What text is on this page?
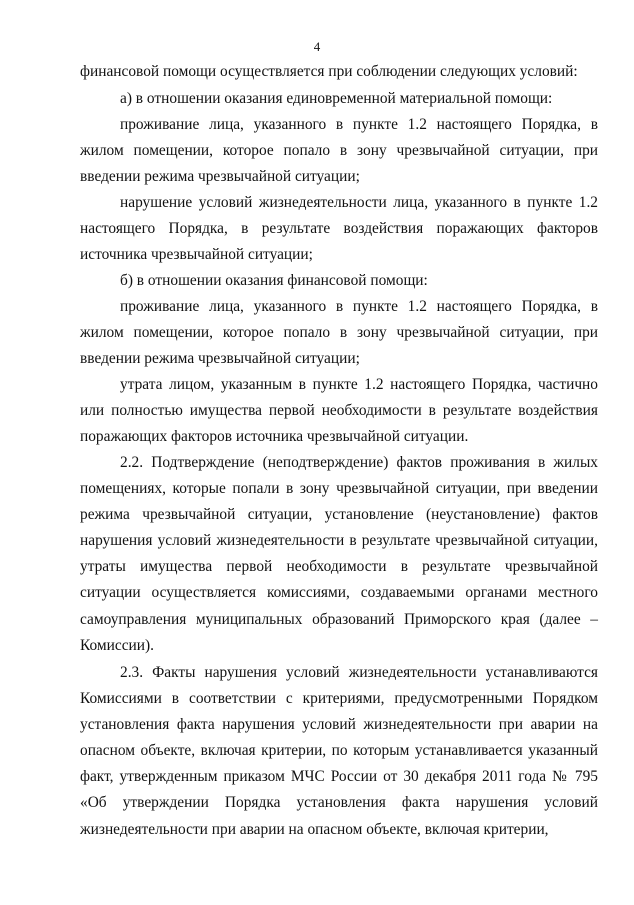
4

финансовой помощи осуществляется при соблюдении следующих условий:

а) в отношении оказания единовременной материальной помощи:

проживание лица, указанного в пункте 1.2 настоящего Порядка, в жилом помещении, которое попало в зону чрезвычайной ситуации, при введении режима чрезвычайной ситуации;

нарушение условий жизнедеятельности лица, указанного в пункте 1.2 настоящего Порядка, в результате воздействия поражающих факторов источника чрезвычайной ситуации;

б) в отношении оказания финансовой помощи:

проживание лица, указанного в пункте 1.2 настоящего Порядка, в жилом помещении, которое попало в зону чрезвычайной ситуации, при введении режима чрезвычайной ситуации;

утрата лицом, указанным в пункте 1.2 настоящего Порядка, частично или полностью имущества первой необходимости в результате воздействия поражающих факторов источника чрезвычайной ситуации.

2.2. Подтверждение (неподтверждение) фактов проживания в жилых помещениях, которые попали в зону чрезвычайной ситуации, при введении режима чрезвычайной ситуации, установление (неустановление) фактов нарушения условий жизнедеятельности в результате чрезвычайной ситуации, утраты имущества первой необходимости в результате чрезвычайной ситуации осуществляется комиссиями, создаваемыми органами местного самоуправления муниципальных образований Приморского края (далее – Комиссии).

2.3. Факты нарушения условий жизнедеятельности устанавливаются Комиссиями в соответствии с критериями, предусмотренными Порядком установления факта нарушения условий жизнедеятельности при аварии на опасном объекте, включая критерии, по которым устанавливается указанный факт, утвержденным приказом МЧС России от 30 декабря 2011 года № 795 «Об утверждении Порядка установления факта нарушения условий жизнедеятельности при аварии на опасном объекте, включая критерии,
